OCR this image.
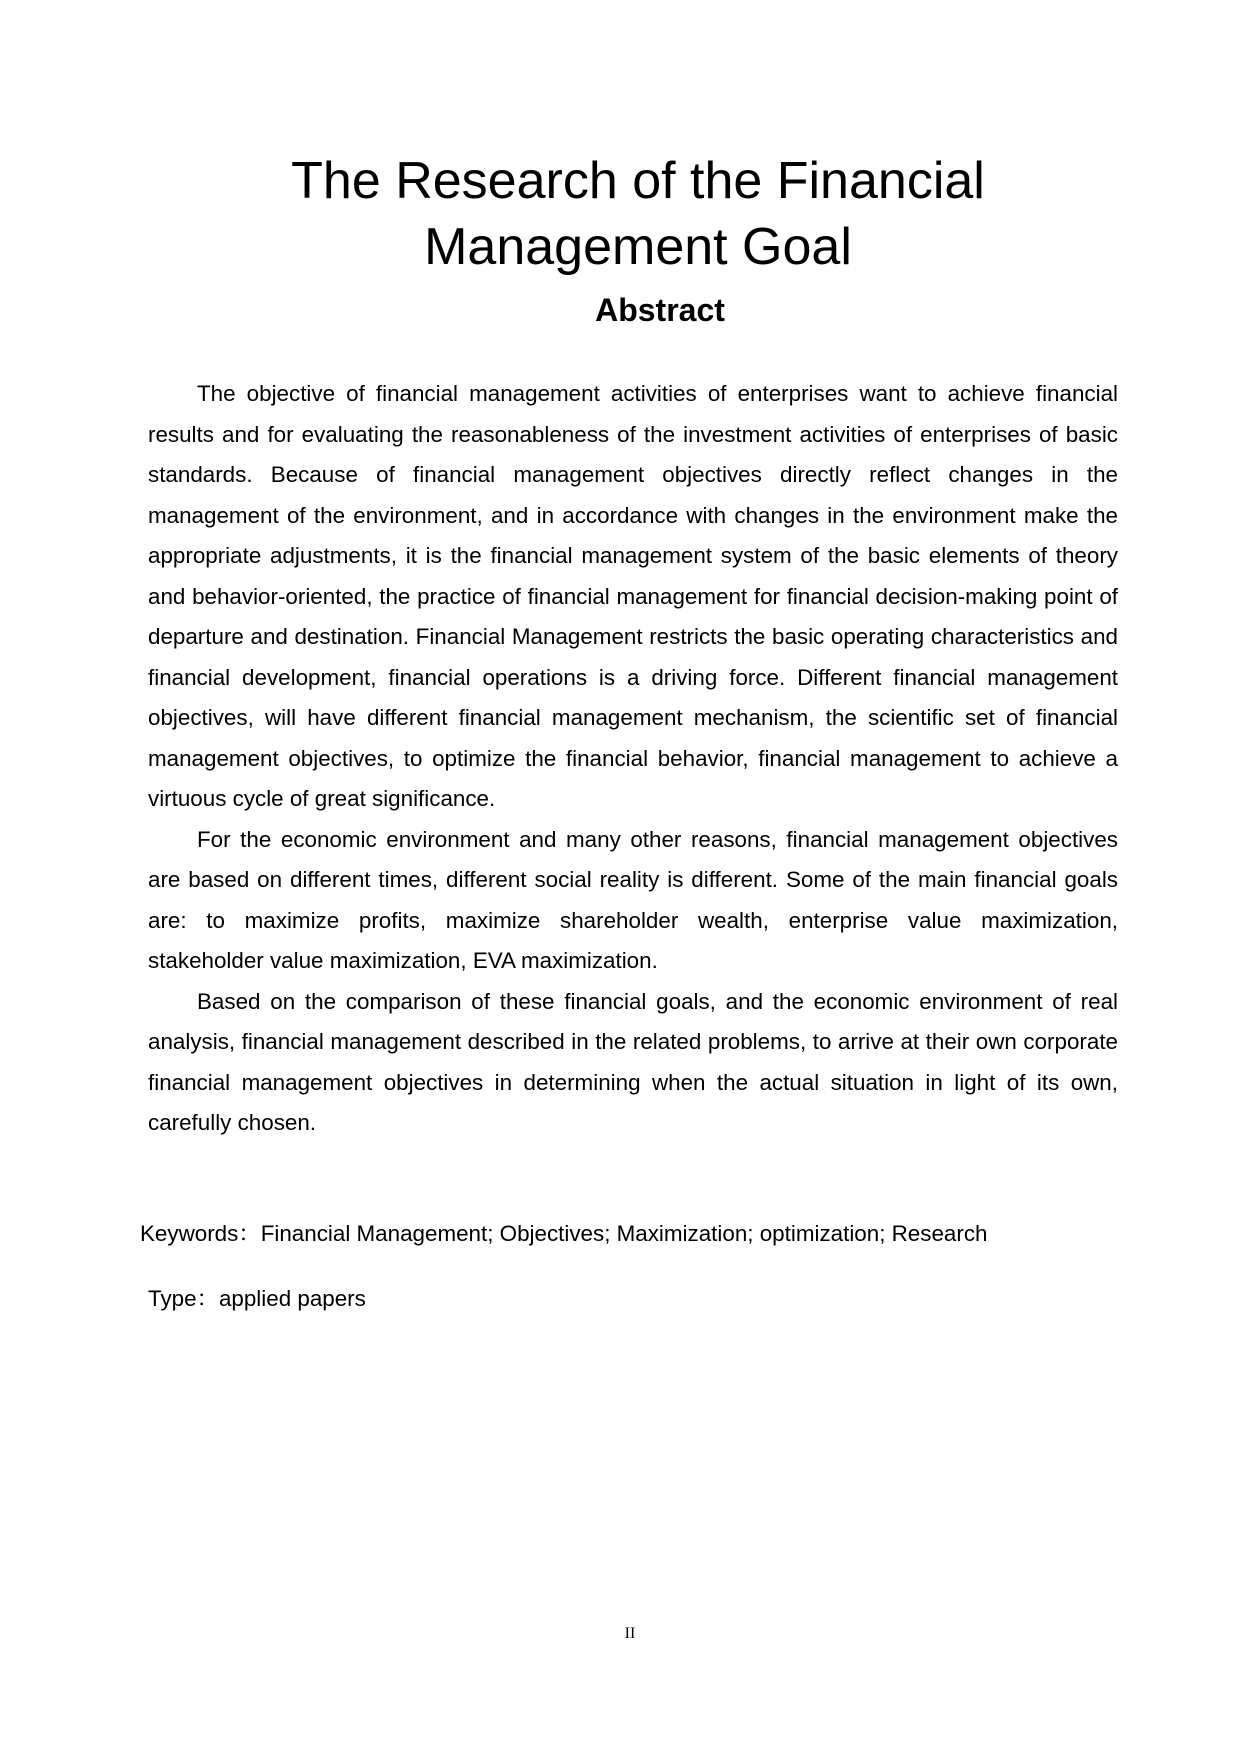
The Research of the Financial
Management Goal
Abstract

The objective of financial management activities of enterprises want to achieve financial results and for evaluating the reasonableness of the investment activities of enterprises of basic standards. Because of financial management objectives directly reflect changes in the management of the environment, and in accordance with changes in the environment make the appropriate adjustments, it is the financial management system of the basic elements of theory and behavior-oriented, the practice of financial management for financial decision-making point of departure and destination. Financial Management restricts the basic operating characteristics and financial development, financial operations is a driving force. Different financial management objectives, will have different financial management mechanism, the scientific set of financial management objectives, to optimize the financial behavior, financial management to achieve a virtuous cycle of great significance.

For the economic environment and many other reasons, financial management objectives are based on different times, different social reality is different. Some of the main financial goals are: to maximize profits, maximize shareholder wealth, enterprise value maximization, stakeholder value maximization, EVA maximization.

Based on the comparison of these financial goals, and the economic environment of real analysis, financial management described in the related problems, to arrive at their own corporate financial management objectives in determining when the actual situation in light of its own, carefully chosen.

Keywords：Financial Management; Objectives; Maximization; optimization; Research
Type：applied papers
II
